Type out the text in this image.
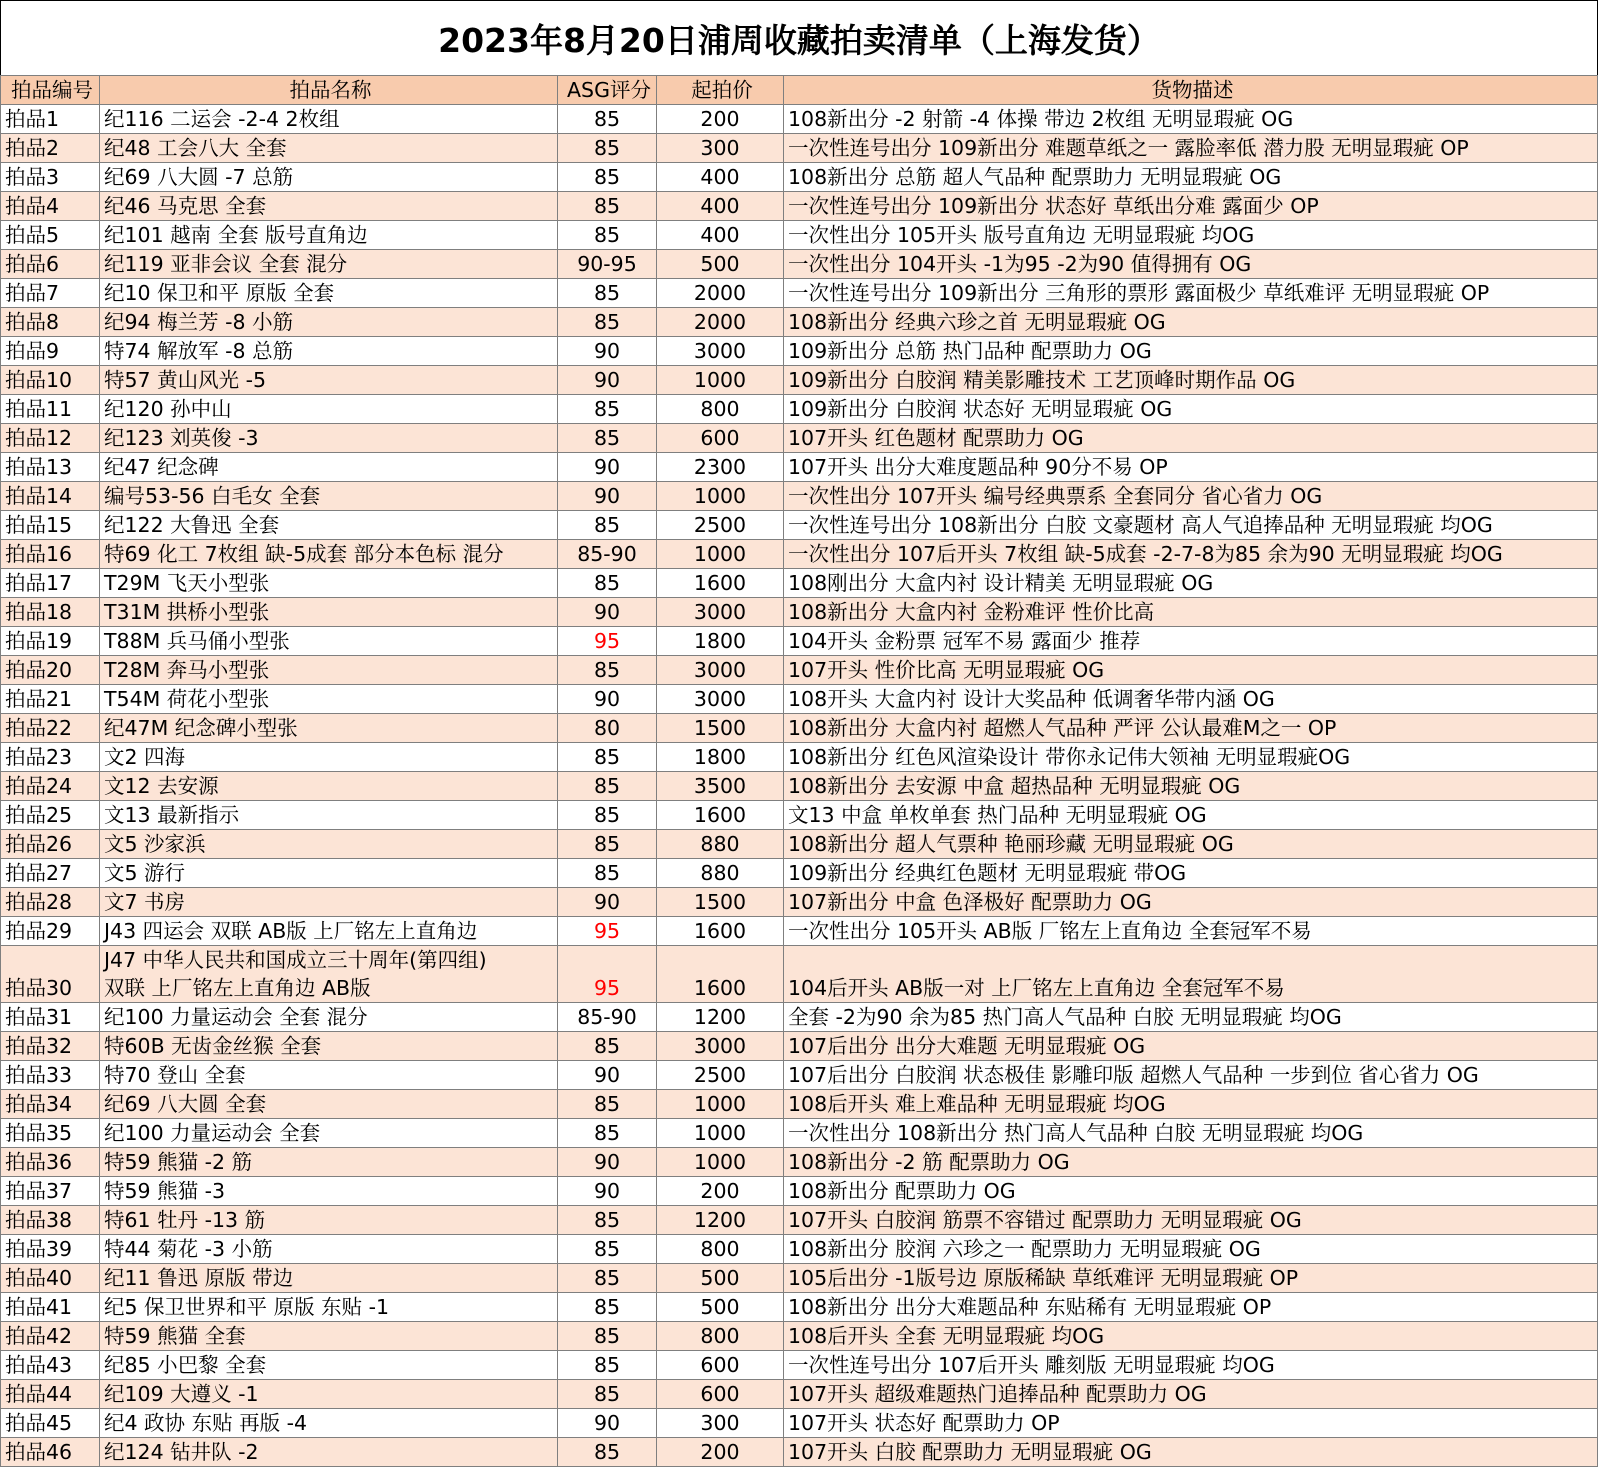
2023年8月20日浦周收藏拍卖清单（上海发货）
拍品编号	拍品名称	ASG评分	起拍价	货物描述
拍品1	纪116 二运会 -2-4 2枚组	85	200	108新出分 -2 射箭 -4 体操 带边 2枚组 无明显瑕疵 OG
拍品2	纪48 工会八大 全套	85	300	一次性连号出分 109新出分 难题草纸之一 露脸率低 潜力股 无明显瑕疵 OP
拍品3	纪69 八大圆 -7 总筋	85	400	108新出分 总筋 超人气品种 配票助力 无明显瑕疵 OG
拍品4	纪46 马克思 全套	85	400	一次性连号出分 109新出分 状态好 草纸出分难 露面少 OP
拍品5	纪101 越南 全套 版号直角边	85	400	一次性出分 105开头 版号直角边 无明显瑕疵 均OG
拍品6	纪119 亚非会议 全套 混分	90-95	500	一次性出分 104开头 -1为95 -2为90 值得拥有 OG
拍品7	纪10 保卫和平 原版 全套	85	2000	一次性连号出分 109新出分 三角形的票形 露面极少 草纸难评 无明显瑕疵 OP
拍品8	纪94 梅兰芳 -8 小筋	85	2000	108新出分 经典六珍之首 无明显瑕疵 OG
拍品9	特74 解放军 -8 总筋	90	3000	109新出分 总筋 热门品种 配票助力 OG
拍品10	特57 黄山风光 -5	90	1000	109新出分 白胶润 精美影雕技术 工艺顶峰时期作品 OG
拍品11	纪120 孙中山	85	800	109新出分 白胶润 状态好 无明显瑕疵 OG
拍品12	纪123 刘英俊 -3	85	600	107开头 红色题材 配票助力 OG
拍品13	纪47 纪念碑	90	2300	107开头 出分大难度题品种 90分不易 OP
拍品14	编号53-56 白毛女 全套	90	1000	一次性出分 107开头 编号经典票系 全套同分 省心省力 OG
拍品15	纪122 大鲁迅 全套	85	2500	一次性连号出分 108新出分 白胶 文豪题材 高人气追捧品种 无明显瑕疵 均OG
拍品16	特69 化工 7枚组 缺-5成套 部分本色标 混分	85-90	1000	一次性出分 107后开头 7枚组 缺-5成套 -2-7-8为85 余为90 无明显瑕疵 均OG
拍品17	T29M 飞天小型张	85	1600	108刚出分 大盒内衬 设计精美 无明显瑕疵 OG
拍品18	T31M 拱桥小型张	90	3000	108新出分 大盒内衬 金粉难评 性价比高
拍品19	T88M 兵马俑小型张	95	1800	104开头 金粉票 冠军不易 露面少 推荐
拍品20	T28M 奔马小型张	85	3000	107开头 性价比高 无明显瑕疵 OG
拍品21	T54M 荷花小型张	90	3000	108开头 大盒内衬 设计大奖品种 低调奢华带内涵 OG
拍品22	纪47M 纪念碑小型张	80	1500	108新出分 大盒内衬 超燃人气品种 严评 公认最难M之一 OP
拍品23	文2 四海	85	1800	108新出分 红色风渲染设计 带你永记伟大领袖 无明显瑕疵OG
拍品24	文12 去安源	85	3500	108新出分 去安源 中盒 超热品种 无明显瑕疵 OG
拍品25	文13 最新指示	85	1600	文13 中盒 单枚单套 热门品种 无明显瑕疵 OG
拍品26	文5 沙家浜	85	880	108新出分 超人气票种 艳丽珍藏 无明显瑕疵 OG
拍品27	文5 游行	85	880	109新出分 经典红色题材 无明显瑕疵 带OG
拍品28	文7 书房	90	1500	107新出分 中盒 色泽极好 配票助力 OG
拍品29	J43 四运会 双联 AB版 上厂铭左上直角边	95	1600	一次性出分 105开头 AB版 厂铭左上直角边 全套冠军不易
拍品30	J47 中华人民共和国成立三十周年(第四组)
双联 上厂铭左上直角边 AB版	95	1600	104后开头 AB版一对 上厂铭左上直角边 全套冠军不易
拍品31	纪100 力量运动会 全套 混分	85-90	1200	全套 -2为90 余为85 热门高人气品种 白胶 无明显瑕疵 均OG
拍品32	特60B 无齿金丝猴 全套	85	3000	107后出分 出分大难题 无明显瑕疵 OG
拍品33	特70 登山 全套	90	2500	107后出分 白胶润 状态极佳 影雕印版 超燃人气品种 一步到位 省心省力 OG
拍品34	纪69 八大圆 全套	85	1000	108后开头 难上难品种 无明显瑕疵 均OG
拍品35	纪100 力量运动会 全套	85	1000	一次性出分 108新出分 热门高人气品种 白胶 无明显瑕疵 均OG
拍品36	特59 熊猫 -2 筋	90	1000	108新出分 -2 筋 配票助力 OG
拍品37	特59 熊猫 -3	90	200	108新出分 配票助力 OG
拍品38	特61 牡丹 -13 筋	85	1200	107开头 白胶润 筋票不容错过 配票助力 无明显瑕疵 OG
拍品39	特44 菊花 -3 小筋	85	800	108新出分 胶润 六珍之一 配票助力 无明显瑕疵 OG
拍品40	纪11 鲁迅 原版 带边	85	500	105后出分 -1版号边 原版稀缺 草纸难评 无明显瑕疵 OP
拍品41	纪5 保卫世界和平 原版 东贴 -1	85	500	108新出分 出分大难题品种 东贴稀有 无明显瑕疵 OP
拍品42	特59 熊猫 全套	85	800	108后开头 全套 无明显瑕疵 均OG
拍品43	纪85 小巴黎 全套	85	600	一次性连号出分 107后开头 雕刻版 无明显瑕疵 均OG
拍品44	纪109 大遵义 -1	85	600	107开头 超级难题热门追捧品种 配票助力 OG
拍品45	纪4 政协 东贴 再版 -4	90	300	107开头 状态好 配票助力 OP
拍品46	纪124 钻井队 -2	85	200	107开头 白胶 配票助力 无明显瑕疵 OG
